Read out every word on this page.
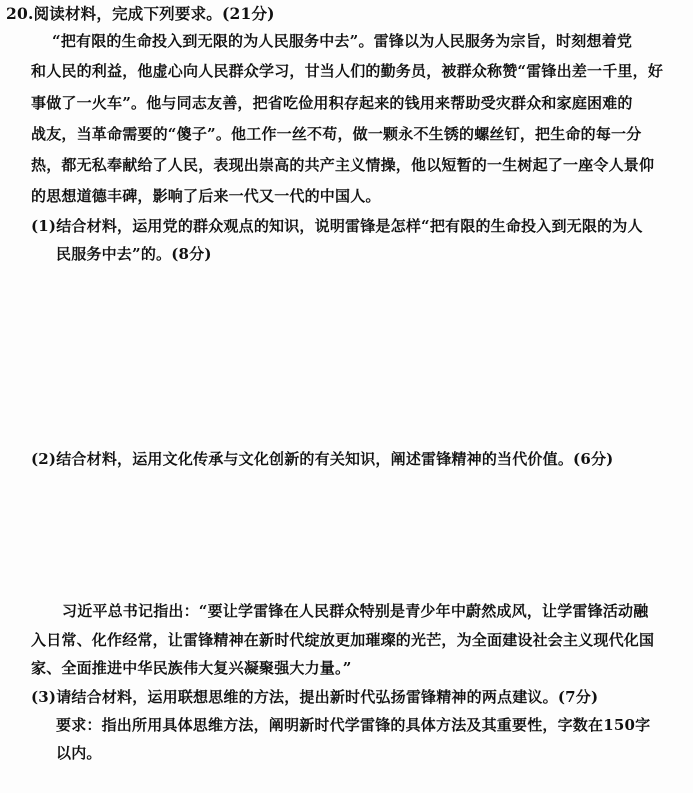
20.阅读材料，完成下列要求。(21分)
“把有限的生命投入到无限的为人民服务中去”。雷锋以为人民服务为宗旨，时刻想着党
和人民的利益，他虚心向人民群众学习，甘当人们的勤务员，被群众称赞“雷锋出差一千里，好
事做了一火车”。他与同志友善，把省吃俭用积存起来的钱用来帮助受灾群众和家庭困难的
战友，当革命需要的“傻子”。他工作一丝不苟，做一颗永不生锈的螺丝钉，把生命的每一分
热，都无私奉献给了人民，表现出崇高的共产主义情操，他以短暂的一生树起了一座令人景仰
的思想道德丰碑，影响了后来一代又一代的中国人。
(1)结合材料，运用党的群众观点的知识，说明雷锋是怎样“把有限的生命投入到无限的为人
民服务中去”的。(8分)
(2)结合材料，运用文化传承与文化创新的有关知识，阐述雷锋精神的当代价值。(6分)
习近平总书记指出：“要让学雷锋在人民群众特别是青少年中蔚然成风，让学雷锋活动融
入日常、化作经常，让雷锋精神在新时代绽放更加璀璨的光芒，为全面建设社会主义现代化国
家、全面推进中华民族伟大复兴凝聚强大力量。”
(3)请结合材料，运用联想思维的方法，提出新时代弘扬雷锋精神的两点建议。(7分)
要求：指出所用具体思维方法，阐明新时代学雷锋的具体方法及其重要性，字数在150字
以内。
